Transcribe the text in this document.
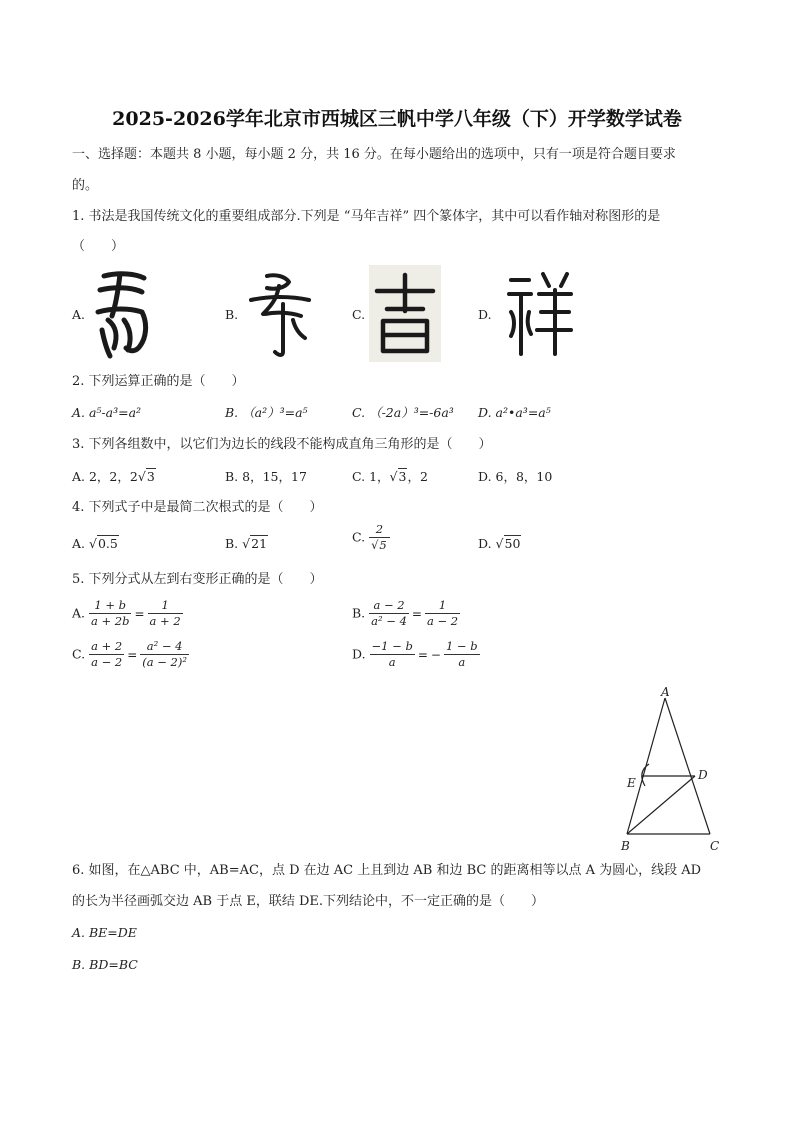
2025-2026学年北京市西城区三帆中学八年级（下）开学数学试卷
一、选择题：本题共 8 小题，每小题 2 分，共 16 分。在每小题给出的选项中，只有一项是符合题目要求
的。
1. 书法是我国传统文化的重要组成部分.下列是 “马年吉祥” 四个篆体字，其中可以看作轴对称图形的是
（　　）
A.	B.	C.	D.
2. 下列运算正确的是（　　）
A. a⁵-a³=a²	B. （a²）³=a⁵	C. （-2a）³=-6a³ D. a²•a³=a⁵
3. 下列各组数中，以它们为边长的线段不能构成直角三角形的是（　　）
A. 2，2，2√3	B. 8，15，17	C. 1，√3，2	D. 6，8，10
4. 下列式子中是最简二次根式的是（　　）
A. √0.5	B. √21	C. $\frac{2}{√5}$	D. √50
5. 下列分式从左到右变形正确的是（　　）
A. $\frac{1 + b}{a + 2b} = \frac{1}{a + 2}$	B. $\frac{a - 2}{\text{a² − 4}} = \frac{1}{a - 2}$
C. $\frac{a + 2}{a - 2} = \frac{\text{a² − 4}}{\text{(a − 2)²}}$	D. $\frac{-1 - b}{a}$ = − $\frac{1 - b}{a}$
A
D
E
B	C
6. 如图，在△ABC 中，AB=AC，点 D 在边 AC 上且到边 AB 和边 BC 的距离相等以点 A 为圆心，线段 AD
的长为半径画弧交边 AB 于点 E，联结 DE.下列结论中，不一定正确的是（　　）
A. BE=DE
B. BD=BC
